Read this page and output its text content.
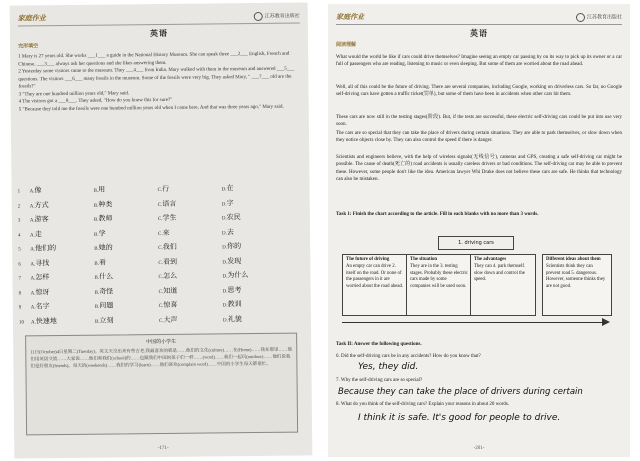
家庭作业	江苏教育出版社
英语
完形填空
1 Mary is 27 years old. She works ___1___ a guide in the National History Museum. She can speak three ___2___ English, French and Chinese. ___3___ always ask her questions and she likes answering them.
2 Yesterday some visitors came to the museum. They ___4___ from India. Mary walked with them in the museum and answered ___5___ questions. The visitors ___6___ many fossils in the museum. Some of the fossils were very big. They asked Mary, " ___7___ old are the fossils?"
3 "They are one hundred million years old," Mary said.
4 The visitors got a ___9___. They asked, "How do you know this for sure?"
5 "Because they told me the fossils were one hundred million years old when I came here. And that was three years ago," Mary said.
1 A.像	B.用	C.行	D.在
2 A.方式	B.种类	C.语言	D.字
3 A.游客	B.教师	C.学生	D.农民
4 A.走	B.学	C.来	D.去
5 A.他们的	B.她的	C.我们	D.你的
6 A.寻找	B.看	C.看到	D.发现
7 A.怎样	B.什么	C.怎么	D.为什么
8 A.惊讶	B.奇怪	C.知道	D.思考
9 A.名字	B.问题	C.惊喜	D.教训
10 A.快速地	B.立刻	C.大声	D.礼貌
中国的小学生
11日(October)4日星期二(Tuesday)。英文天空出来有些古老,我最喜欢的就是……他们的文化(culture)……在(Home)……我在那里……他们用英语交流……大家说……他们和我们(school)的……也跟我们中国的孩子们一样……(word)……我们一起玩(outdoor)……他们说我们是好朋友(friends)。每天的(weekends)……我们的学习(learn)……他们喜欢(complain word)……中国的小学生每天都很忙。
-171-
家庭作业	江苏教育出版社
英语
阅读理解
What would the world be like if cars could drive themselves? Imagine seeing an empty car passing by on its way to pick up its owner or a car full of passengers who are reading, listening to music or even sleeping. But some of them are worried about the road ahead.
Well, all of this could be the future of driving. There are several companies, including Google, working on driverless cars. So far, no Google self-driving cars have gotten a traffic ticket(罚单), but some of them have been in accidents when other cars hit them.
These cars are now still in the testing stages(阶段). But, if the tests are successful, these electric self-driving cars could be put into use very soon.
The cars are so special that they can take the place of drivers during certain situations. They are able to park themselves, or slow down when they notice objects close by. They can also control the speed if there is danger.
Scientists and engineers believe, with the help of wireless signals(无线信号), cameras and GPS, creating a safe self-driving car might be possible. The cause of death(死亡的) road accidents is usually careless drivers or bad conditions. The self-driving car may be able to prevent these. However, some people don't like the idea. American lawyer Whi Drake does not believe these cars are safe. He thinks that technology can also be mistaken.
Task 1: Finish the chart according to the article. Fill in each blanks with no more than 3 words.
1. driving cars
The future of driving
An empty car can drive 2. itself on the road. Or none of the passengers in it are worried about the road ahead.
The situation
They are in the 3. testing stages. Probably these electric cars made by some companies will be used soon.
The advantages
They can 4. park themself. slow down and control the speed.
Different ideas about them
Scientists think they can prevent road 5. dangerous. However, someone thinks they are not good.
Task II: Answer the following questions.
6. Did the self-driving cars be in any accidents? How do you know that?
Yes, they did.
7. Why the self-driving cars are so special?
Because they can take the place of drivers during certain
8. What do you think of the self-driving cars? Explain your reasons in about 20 words.
I think it is safe. It's good for people to drive.
-201-
